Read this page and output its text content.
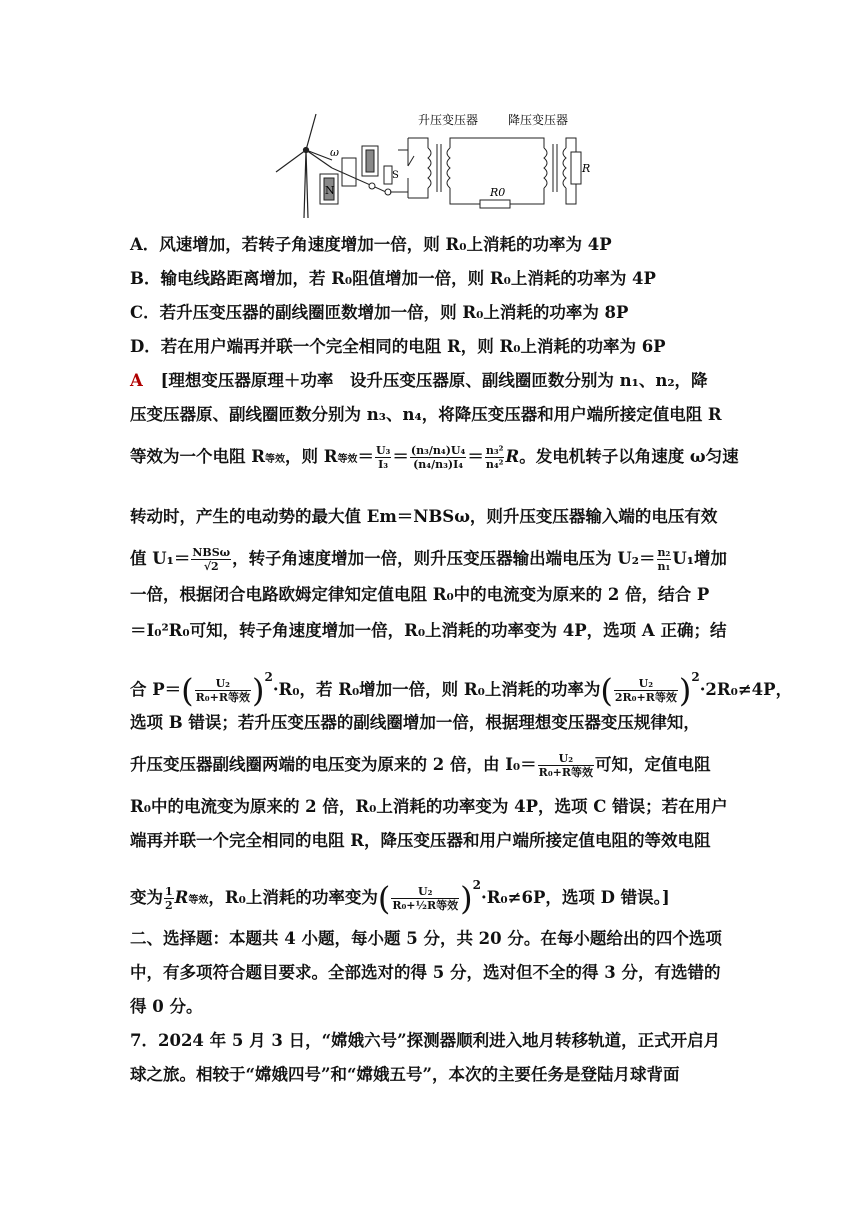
ω
N
S
升压变压器 降压变压器
R
R0
A．风速增加，若转子角速度增加一倍，则 R₀上消耗的功率为 4P
B．输电线路距离增加，若 R₀阻值增加一倍，则 R₀上消耗的功率为 4P
C．若升压变压器的副线圈匝数增加一倍，则 R₀上消耗的功率为 8P
D．若在用户端再并联一个完全相同的电阻 R，则 R₀上消耗的功率为 6P
A [理想变压器原理＋功率　设升压变压器原、副线圈匝数分别为 n₁、n₂，降
压变压器原、副线圈匝数分别为 n₃、n₄，将降压变压器和用户端所接定值电阻 R
等效为一个电阻 R等效，则 R等效＝ $\frac{\text{U₃}}{\text{I₃}} = \frac{\text{(n₃/n₄)U₄}}{\text{(n₄/n₃)I₄}} = \frac{\text{n₃²}}{\text{n₄²}}$ R。发电机转子以角速度 ω匀速
转动时，产生的电动势的最大值 Em＝NBSω，则升压变压器输入端的电压有效
值 $U_1= \frac{\text{NBSω}}{√2}$ ，转子角速度增加一倍，则升压变压器输出端电压为 $U_2= \frac{\text{n₂}}{\text{n₁}} U_1$增加
一倍，根据闭合电路欧姆定律知定值电阻 R₀中的电流变为原来的 2 倍，结合 P
＝I₀²R₀可知，转子角速度增加一倍，R₀上消耗的功率变为 4P，选项 A 正确；结
合 $P=( \frac{\text{U₂}}{\text{R₀+R等效}} )^2\cdot R_0$，若 R₀增加一倍，则 R₀上消耗的功率为( $\frac{\text{U₂}}{\text{2R₀+R等效}} )^2\cdot 2R_0\ne 4P$，
选项 B 错误；若升压变压器的副线圈增加一倍，根据理想变压器变压规律知，
升压变压器副线圈两端的电压变为原来的 2 倍，由 $I_0= \frac{\text{U₂}}{\text{R₀+R等效}}$ 可知，定值电阻
R₀中的电流变为原来的 2 倍，R₀上消耗的功率变为 4P，选项 C 错误；若在用户
端再并联一个完全相同的电阻 R，降压变压器和用户端所接定值电阻的等效电阻
变为 $\frac{1}{2}$ R等效，R₀上消耗的功率变为( $\frac{\text{U₂}}{\text{R₀+½R等效}} )^2\cdot R_0\ne 6P$，选项 D 错误。]
二、选择题：本题共 4 小题，每小题 5 分，共 20 分。在每小题给出的四个选项
中，有多项符合题目要求。全部选对的得 5 分，选对但不全的得 3 分，有选错的
得 0 分。
7．2024 年 5 月 3 日，“嫦娥六号”探测器顺利进入地月转移轨道，正式开启月
球之旅。相较于“嫦娥四号”和“嫦娥五号”，本次的主要任务是登陆月球背面
